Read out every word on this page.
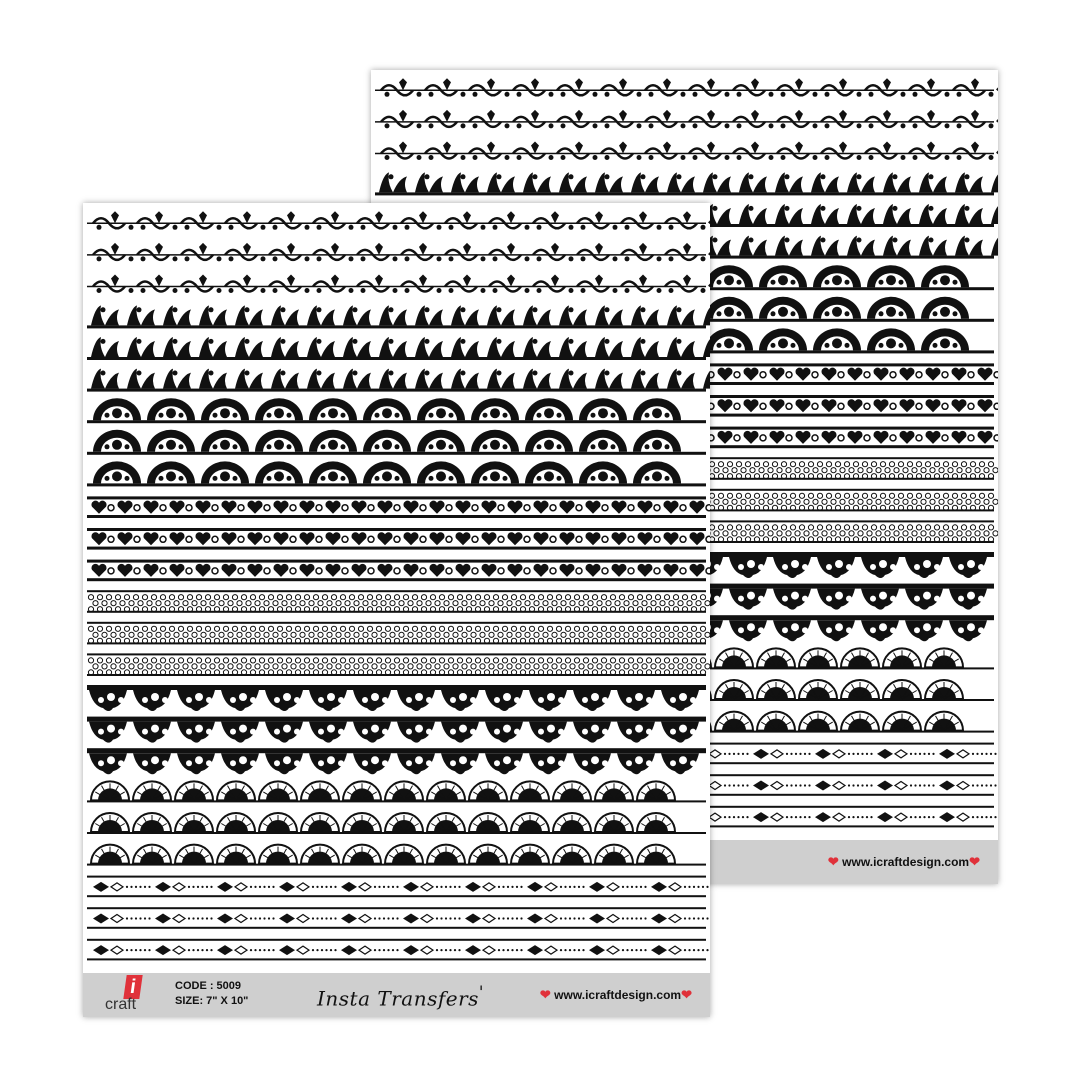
❤ www.icraftdesign.com❤
i
craft
CODE : 5009
SIZE: 7" X 10"	Insta Transfers'	❤ www.icraftdesign.com❤
